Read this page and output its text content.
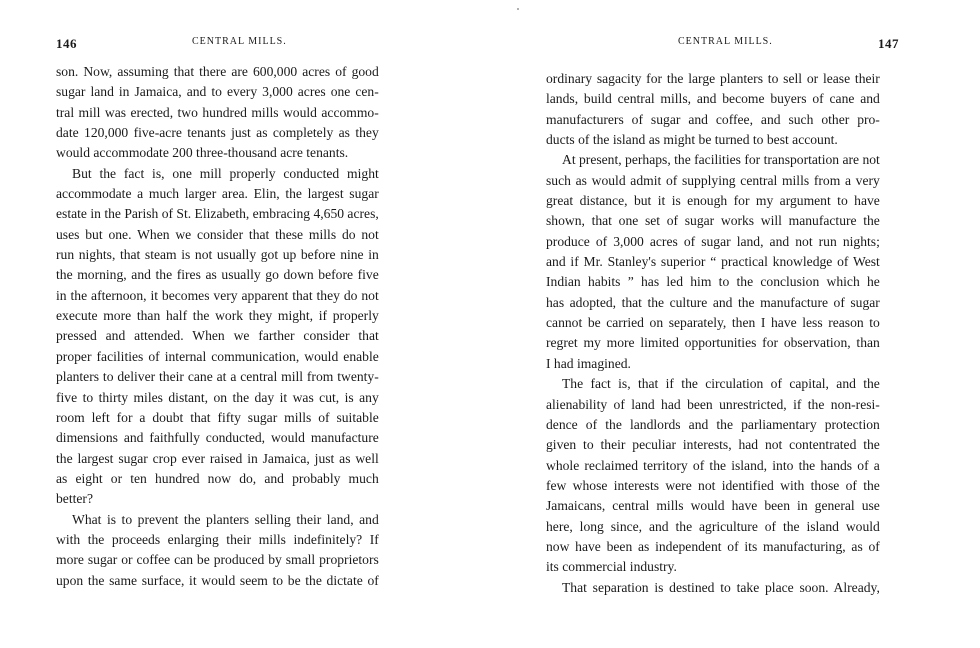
146	CENTRAL MILLS.
son. Now, assuming that there are 600,000 acres of good
sugar land in Jamaica, and to every 3,000 acres one cen-
tral mill was erected, two hundred mills would accommo-
date 120,000 five-acre tenants just as completely as they
would accommodate 200 three-thousand acre tenants.
But the fact is, one mill properly conducted might
accommodate a much larger area. Elin, the largest sugar
estate in the Parish of St. Elizabeth, embracing 4,650 acres,
uses but one. When we consider that these mills do not
run nights, that steam is not usually got up before nine in
the morning, and the fires as usually go down before five
in the afternoon, it becomes very apparent that they do not
execute more than half the work they might, if properly
pressed and attended. When we farther consider that
proper facilities of internal communication, would enable
planters to deliver their cane at a central mill from twenty-
five to thirty miles distant, on the day it was cut, is any
room left for a doubt that fifty sugar mills of suitable
dimensions and faithfully conducted, would manufacture
the largest sugar crop ever raised in Jamaica, just as well
as eight or ten hundred now do, and probably much
better?
What is to prevent the planters selling their land, and
with the proceeds enlarging their mills indefinitely? If
more sugar or coffee can be produced by small proprietors
upon the same surface, it would seem to be the dictate of
CENTRAL MILLS.	147
ordinary sagacity for the large planters to sell or lease their
lands, build central mills, and become buyers of cane and
manufacturers of sugar and coffee, and such other pro-
ducts of the island as might be turned to best account.
At present, perhaps, the facilities for transportation are not
such as would admit of supplying central mills from a very
great distance, but it is enough for my argument to have
shown, that one set of sugar works will manufacture the
produce of 3,000 acres of sugar land, and not run nights;
and if Mr. Stanley's superior “ practical knowledge of West
Indian habits ” has led him to the conclusion which he
has adopted, that the culture and the manufacture of sugar
cannot be carried on separately, then I have less reason to
regret my more limited opportunities for observation, than
I had imagined.
The fact is, that if the circulation of capital, and the
alienability of land had been unrestricted, if the non-resi-
dence of the landlords and the parliamentary protection
given to their peculiar interests, had not contentrated the
whole reclaimed territory of the island, into the hands of a
few whose interests were not identified with those of the
Jamaicans, central mills would have been in general use
here, long since, and the agriculture of the island would
now have been as independent of its manufacturing, as of
its commercial industry.
That separation is destined to take place soon. Already,
